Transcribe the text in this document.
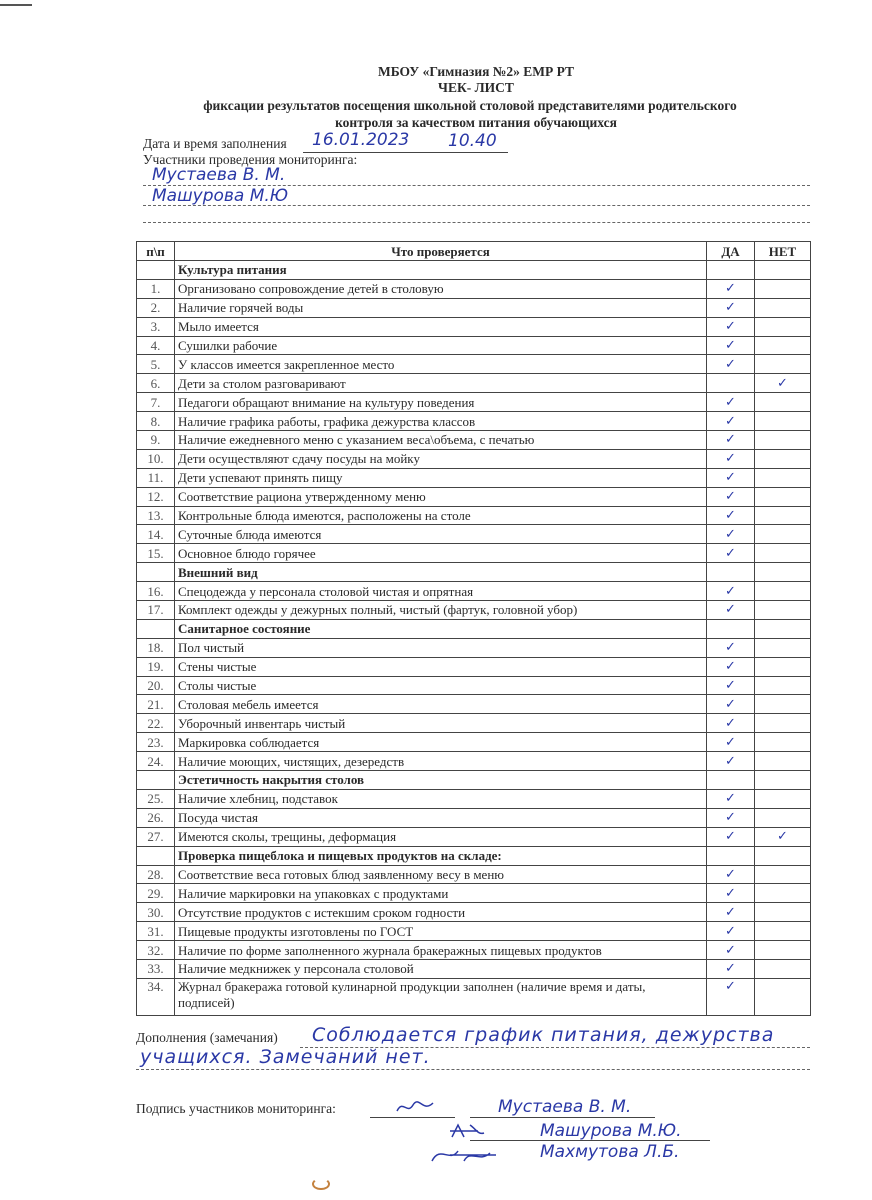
МБОУ «Гимназия №2» ЕМР РТ
ЧЕК- ЛИСТ
фиксации результатов посещения школьной столовой представителями родительского
контроля за качеством питания обучающихся
Дата и время заполнения 16.01.2023 10.40
Участники проведения мониторинга:
Мустаева В. М.
Машурова М.Ю
п\п	Что проверяется	ДА	НЕТ
	Культура питания		
1.	Организовано сопровождение детей в столовую	✓	
2.	Наличие горячей воды	✓	
3.	Мыло имеется	✓	
4.	Сушилки рабочие	✓	
5.	У классов имеется закрепленное место	✓	
6.	Дети за столом разговаривают		✓
7.	Педагоги обращают внимание на культуру поведения	✓	
8.	Наличие графика работы, графика дежурства классов	✓	
9.	Наличие ежедневного меню с указанием веса\объема, с печатью	✓	
10.	Дети осуществляют сдачу посуды на мойку	✓	
11.	Дети успевают принять пищу	✓	
12.	Соответствие рациона утвержденному меню	✓	
13.	Контрольные блюда имеются, расположены на столе	✓	
14.	Суточные блюда имеются	✓	
15.	Основное блюдо горячее	✓	
	Внешний вид		
16.	Спецодежда у персонала столовой чистая и опрятная	✓	
17.	Комплект одежды у дежурных полный, чистый (фартук, головной убор)	✓	
	Санитарное состояние		
18.	Пол чистый	✓	
19.	Стены чистые	✓	
20.	Столы чистые	✓	
21.	Столовая мебель имеется	✓	
22.	Уборочный инвентарь чистый	✓	
23.	Маркировка соблюдается	✓	
24.	Наличие моющих, чистящих, дезередств	✓	
	Эстетичность накрытия столов		
25.	Наличие хлебниц, подставок	✓	
26.	Посуда чистая	✓	
27.	Имеются сколы, трещины, деформация	✓	✓
	Проверка пищеблока и пищевых продуктов на складе:		
28.	Соответствие веса готовых блюд заявленному весу в меню	✓	
29.	Наличие маркировки на упаковках с продуктами	✓	
30.	Отсутствие продуктов с истекшим сроком годности	✓	
31.	Пищевые продукты изготовлены по ГОСТ	✓	
32.	Наличие по форме заполненного журнала бракеражных пищевых продуктов	✓	
33.	Наличие медкнижек у персонала столовой	✓	
34.	Журнал бракеража готовой кулинарной продукции заполнен (наличие время и даты, подписей)	✓	
Дополнения (замечания) Соблюдается график питания, дежурства
учащихся. Замечаний нет.
Подпись участников мониторинга:	Мустаева В. М.
Машурова М.Ю.
Махмутова Л.Б.
